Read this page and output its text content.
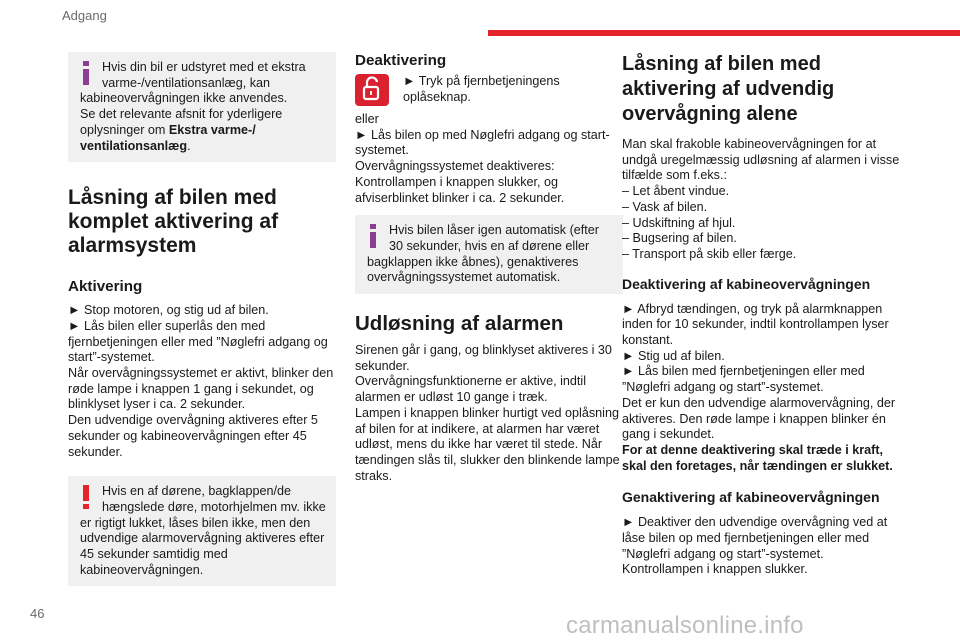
Adgang

Hvis din bil er udstyret med et ekstra varme-/ventilationsanlæg, kan

kabineovervågningen ikke anvendes.
Se det relevante afsnit for yderligere oplysninger om Ekstra varme-/ ventilationsanlæg.

Låsning af bilen med komplet aktivering af alarmsystem
Aktivering

► Stop motoren, og stig ud af bilen.
► Lås bilen eller superlås den med fjernbetjeningen eller med ”Nøglefri adgang og start”-systemet.
Når overvågningssystemet er aktivt, blinker den røde lampe i knappen 1 gang i sekundet, og blinklyset lyser i ca. 2 sekunder.
Den udvendige overvågning aktiveres efter 5 sekunder og kabineovervågningen efter 45 sekunder.

Hvis en af dørene, bagklappen/de hængslede døre, motorhjelmen mv. ikke

er rigtigt lukket, låses bilen ikke, men den udvendige alarmovervågning aktiveres efter 45 sekunder samtidig med kabineovervågningen.

Deaktivering
► Tryk på fjernbetjeningens oplåseknap.

eller
► Lås bilen op med Nøglefri adgang og start-systemet.
Overvågningssystemet deaktiveres:
Kontrollampen i knappen slukker, og afviserblinket blinker i ca. 2 sekunder.

Hvis bilen låser igen automatisk (efter 30 sekunder, hvis en af dørene eller

bagklappen ikke åbnes), genaktiveres overvågningssystemet automatisk.

Udløsning af alarmen

Sirenen går i gang, og blinklyset aktiveres i 30 sekunder.
Overvågningsfunktionerne er aktive, indtil alarmen er udløst 10 gange i træk.
Lampen i knappen blinker hurtigt ved oplåsning af bilen for at indikere, at alarmen har været udløst, mens du ikke har været til stede. Når tændingen slås til, slukker den blinkende lampe straks.

Låsning af bilen med aktivering af udvendig overvågning alene

Man skal frakoble kabineovervågningen for at undgå uregelmæssig udløsning af alarmen i visse tilfælde som f.eks.:
– Let åbent vindue.
– Vask af bilen.
– Udskiftning af hjul.
– Bugsering af bilen.
– Transport på skib eller færge.

Deaktivering af kabineovervågningen

► Afbryd tændingen, og tryk på alarmknappen inden for 10 sekunder, indtil kontrollampen lyser konstant.
► Stig ud af bilen.
► Lås bilen med fjernbetjeningen eller med ”Nøglefri adgang og start”-systemet.
Det er kun den udvendige alarmovervågning, der aktiveres. Den røde lampe i knappen blinker én gang i sekundet.

For at denne deaktivering skal træde i kraft, skal den foretages, når tændingen er slukket.

Genaktivering af kabineovervågningen

► Deaktiver den udvendige overvågning ved at låse bilen op med fjernbetjeningen eller med ”Nøglefri adgang og start”-systemet.
Kontrollampen i knappen slukker.

46	carmanualsonline.info
